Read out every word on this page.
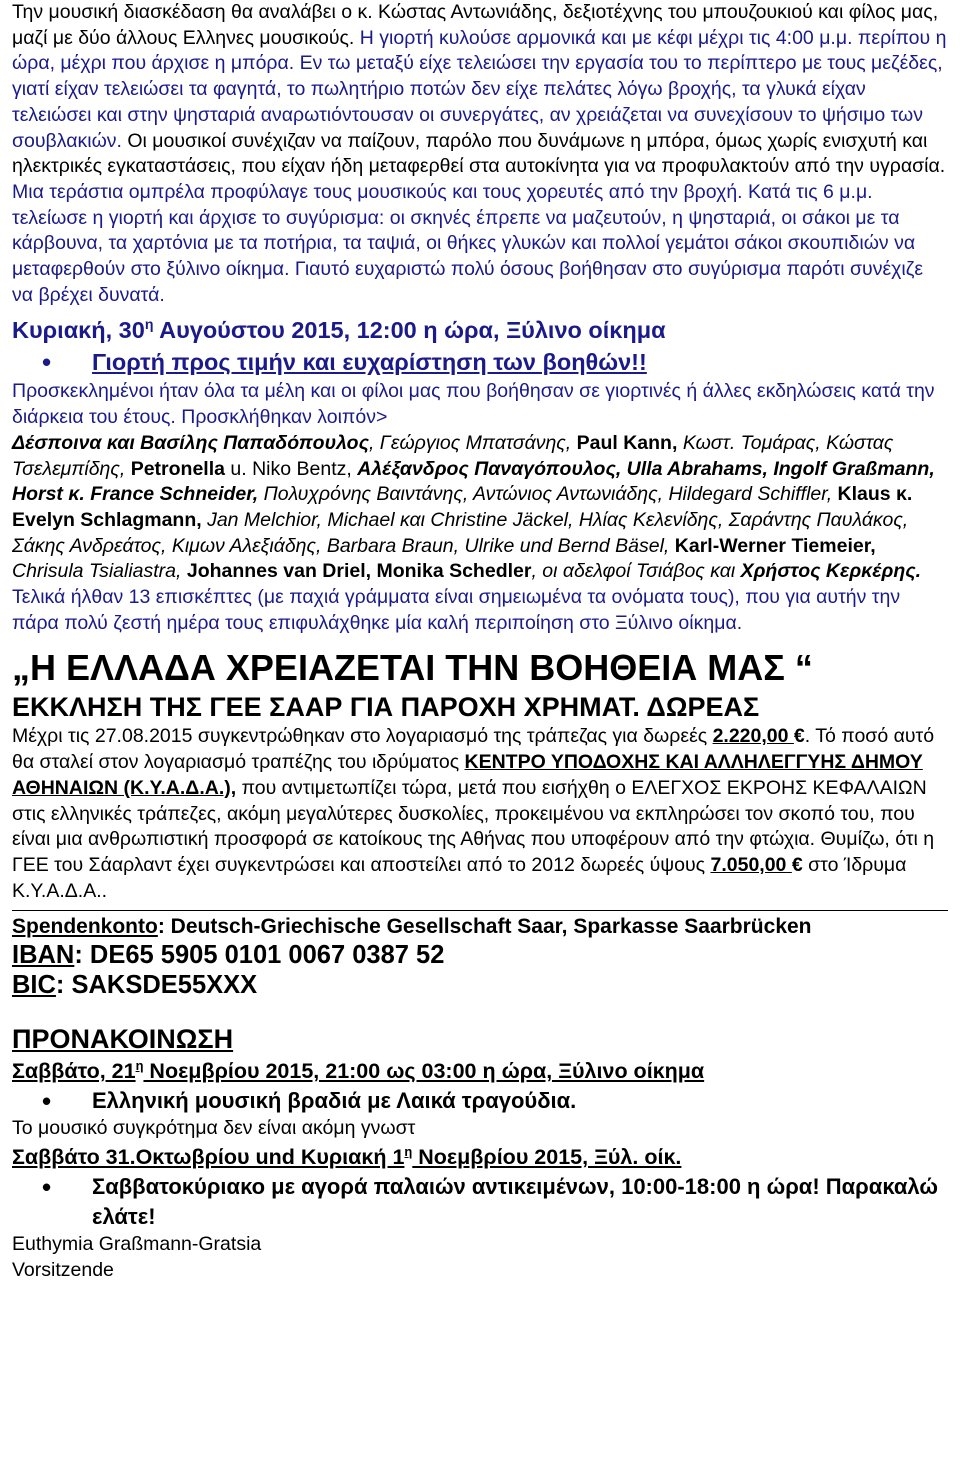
Την μουσική διασκέδαση θα αναλάβει ο κ. Κώστας Αντωνιάδης, δεξιοτέχνης του μπουζουκιού και φίλος μας, μαζί με δύο άλλους Ελληνες μουσικούς. Η γιορτή κυλούσε αρμονικά και με κέφι μέχρι τις 4:00 μ.μ. περίπου η ώρα, μέχρι που άρχισε η μπόρα. Εν τω μεταξύ είχε τελειώσει την εργασία του το περίπτερο με τους μεζέδες, γιατί είχαν τελειώσει τα φαγητά, το πωλητήριο ποτών δεν είχε πελάτες λόγω βροχής, τα γλυκά είχαν τελειώσει και στην ψησταριά αναρωτιόντουσαν οι συνεργάτες, αν χρειάζεται να συνεχίσουν το ψήσιμο των σουβλακιών. Οι μουσικοί συνέχιζαν να παίζουν, παρόλο που δυνάμωνε η μπόρα, όμως χωρίς ενισχυτή και ηλεκτρικές εγκαταστάσεις, που είχαν ήδη μεταφερθεί στα αυτοκίνητα για να προφυλακτούν από την υγρασία. Μια τεράστια ομπρέλα προφύλαγε τους μουσικούς και τους χορευτές από την βροχή. Κατά τις 6 μ.μ. τελείωσε η γιορτή και άρχισε το συγύρισμα: οι σκηνές έπρεπε να μαζευτούν, η ψησταριά, οι σάκοι με τα κάρβουνα, τα χαρτόνια με τα ποτήρια, τα ταψιά, οι θήκες γλυκών και πολλοί γεμάτοι σάκοι σκουπιδιών να μεταφερθούν στο ξύλινο οίκημα. Γιαυτό ευχαριστώ πολύ όσους βοήθησαν στο συγύρισμα παρότι συνέχιζε να βρέχει δυνατά.

Κυριακή, $30^\eta$ Αυγούστου 2015, 12:00 η ώρα, Ξύλινο οίκημα

• Γιορτή προς τιμήν και ευχαρίστηση των βοηθών!!

Προσκεκλημένοι ήταν όλα τα μέλη και οι φίλοι μας που βοήθησαν σε γιορτινές ή άλλες εκδηλώσεις κατά την διάρκεια του έτους. Προσκλήθηκαν λοιπόν>
Δέσποινα και Βασίλης Παπαδόπουλος, Γεώργιος Μπατσάνης, Paul Kann, Κωστ. Τομάρας, Κώστας Τσελεμπίδης, Petronella u. Niko Bentz, Αλέξανδρος Παναγόπουλος, Ulla Abrahams, Ingolf Graßmann, Horst κ. France Schneider, Πολυχρόνης Βαιντάνης, Αντώνιος Αντωνιάδης, Hildegard Schiffler, Klaus κ. Evelyn Schlagmann, Jan Melchior, Michael και Christine Jäckel, Ηλίας Κελενίδης, Σαράντης Παυλάκος, Σάκης Ανδρεάτος, Κιμων Αλεξιάδης, Barbara Braun, Ulrike und Bernd Bäsel, Karl-Werner Tiemeier, Chrisula Tsialiastra, Johannes van Driel, Monika Schedler, οι αδελφοί Τσιάβος και Χρήστος Κερκέρης. Τελικά ήλθαν 13 επισκέπτες (με παχιά γράμματα είναι σημειωμένα τα ονόματα τους), που για αυτήν την πάρα πολύ ζεστή ημέρα τους επιφυλάχθηκε μία καλή περιποίηση στο Ξύλινο οίκημα.

„Η ΕΛΛΑΔΑ ΧΡΕΙΑΖΕΤΑΙ ΤΗΝ ΒΟΗΘΕΙΑ ΜΑΣ “

ΕΚΚΛΗΣΗ ΤΗΣ ΓΕΕ ΣΑΑΡ ΓΙΑ ΠΑΡΟΧΗ ΧΡΗΜΑΤ. ΔΩΡΕΑΣ

Μέχρι τις 27.08.2015 συγκεντρώθηκαν στο λογαριασμό της τράπεζας για δωρεές 2.220,00 €. Τό ποσό αυτό θα σταλεί στον λογαριασμό τραπέζης του ιδρύματος ΚΕΝΤΡΟ ΥΠΟΔΟΧΗΣ ΚΑΙ ΑΛΛΗΛΕΓΓΥΗΣ ΔΗΜΟΥ ΑΘΗΝΑΙΩΝ (Κ.Υ.Α.Δ.Α.), που αντιμετωπίζει τώρα, μετά που εισήχθη ο ΕΛΕΓΧΟΣ ΕΚΡΟΗΣ ΚΕΦΑΛΑΙΩΝ στις ελληνικές τράπεζες, ακόμη μεγαλύτερες δυσκολίες, προκειμένου να εκπληρώσει τον σκοπό του, που είναι μια ανθρωπιστική προσφορά σε κατοίκους της Αθήνας που υποφέρουν από την φτώχια. Θυμίζω, ότι η ΓΕΕ του Σάαρλαντ έχει συγκεντρώσει και αποστείλει από το 2012 δωρεές ύψους 7.050,00 € στο Ίδρυμα Κ.Υ.Α.Δ.Α..

Spendenkonto: Deutsch-Griechische Gesellschaft Saar, Sparkasse Saarbrücken

IBAN: DE65 5905 0101 0067 0387 52

BIC: SAKSDE55XXX

ΠΡΟΝΑΚΟΙΝΩΣΗ

Σαββάτο, $21^\eta$ Νοεμβρίου 2015, 21:00 ως 03:00 η ώρα, Ξύλινο οίκημα

• Ελληνική μουσική βραδιά με Λαικά τραγούδια.

Το μουσικό συγκρότημα δεν είναι ακόμη γνωστ

Σαββάτο 31.Οκτωβρίου und Κυριακή $1^\eta$ Νοεμβρίου 2015, Ξύλ. οίκ.

• Σαββατοκύριακο με αγορά παλαιών αντικειμένων, 10:00-18:00 η ώρα! Παρακαλώ ελάτε!

Euthymia Graßmann-Gratsia

Vorsitzende
